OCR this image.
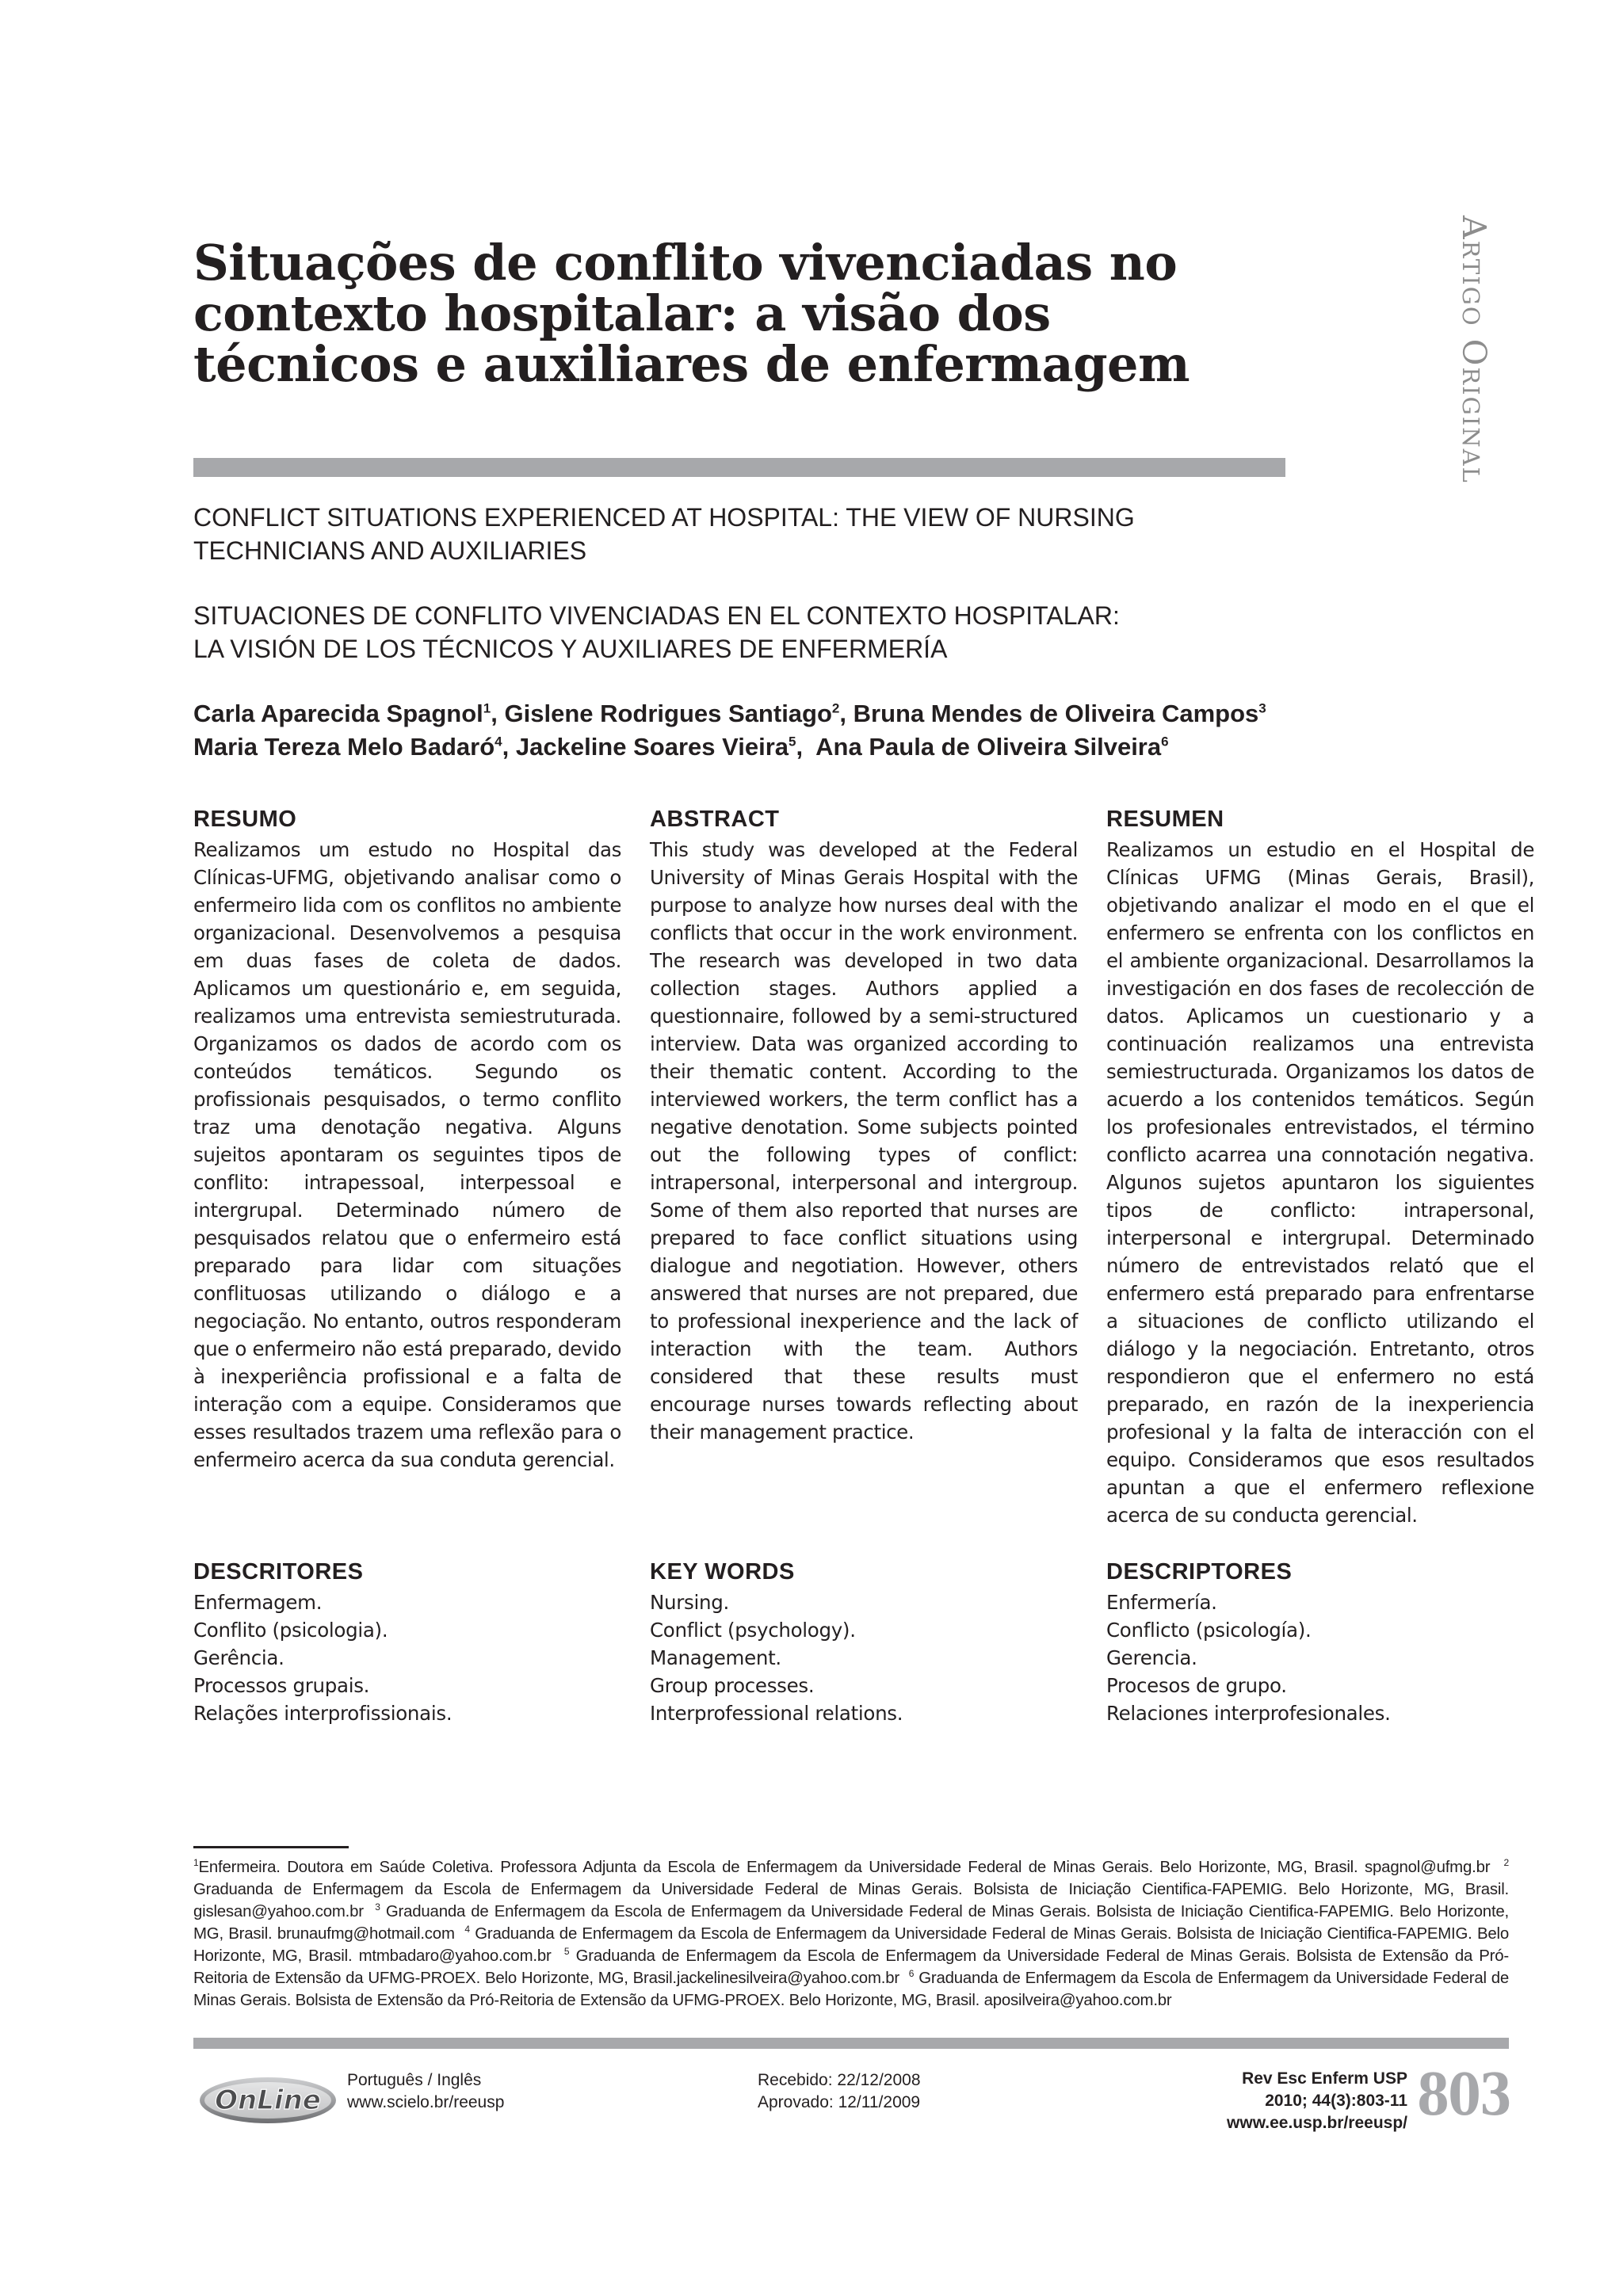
Artigo Original
Situações de conflito vivenciadas no
contexto hospitalar: a visão dos
técnicos e auxiliares de enfermagem
CONFLICT SITUATIONS EXPERIENCED AT HOSPITAL: THE VIEW OF NURSING
TECHNICIANS AND AUXILIARIES
SITUACIONES DE CONFLITO VIVENCIADAS EN EL CONTEXTO HOSPITALAR:
LA VISIÓN DE LOS TÉCNICOS Y AUXILIARES DE ENFERMERÍA
Carla Aparecida Spagnol$^1$, Gislene Rodrigues Santiago$^2$, Bruna Mendes de Oliveira Campos$^3$
Maria Tereza Melo Badaró$^4$, Jackeline Soares Vieira$^5$,  Ana Paula de Oliveira Silveira$^6$
RESUMO

Realizamos um estudo no Hospital das Clínicas-UFMG, objetivando analisar como o enfermeiro lida com os conflitos no ambiente organizacional. Desenvolvemos a pesquisa em duas fases de coleta de dados. Aplicamos um questionário e, em seguida, realizamos uma entrevista semiestruturada. Organizamos os dados de acordo com os conteúdos temáticos. Segundo os profissionais pesquisados, o termo conflito traz uma denotação negativa. Alguns sujeitos apontaram os seguintes tipos de conflito: intrapessoal, interpessoal e intergrupal. Determinado número de pesquisados relatou que o enfermeiro está preparado para lidar com situações conflituosas utilizando o diálogo e a negociação. No entanto, outros responderam que o enfermeiro não está preparado, devido à inexperiência profissional e a falta de interação com a equipe. Consideramos que esses resultados trazem uma reflexão para o enfermeiro acerca da sua conduta gerencial.

ABSTRACT

This study was developed at the Federal University of Minas Gerais Hospital with the purpose to analyze how nurses deal with the conflicts that occur in the work environment. The research was developed in two data collection stages. Authors applied a questionnaire, followed by a semi-structured interview. Data was organized according to their thematic content. According to the interviewed workers, the term conflict has a negative denotation. Some subjects pointed out the following types of conflict: intrapersonal, interpersonal and intergroup. Some of them also reported that nurses are prepared to face conflict situations using dialogue and negotiation. However, others answered that nurses are not prepared, due to professional inexperience and the lack of interaction with the team. Authors considered that these results must encourage nurses towards reflecting about their management practice.

RESUMEN

Realizamos un estudio en el Hospital de Clínicas UFMG (Minas Gerais, Brasil), objetivando analizar el modo en el que el enfermero se enfrenta con los conflictos en el ambiente organizacional. Desarrollamos la investigación en dos fases de recolección de datos. Aplicamos un cuestionario y a continuación realizamos una entrevista semiestructurada. Organizamos los datos de acuerdo a los contenidos temáticos. Según los profesionales entrevistados, el término conflicto acarrea una connotación negativa. Algunos sujetos apuntaron los siguientes tipos de conflicto: intrapersonal, interpersonal e intergrupal. Determinado número de entrevistados relató que el enfermero está preparado para enfrentarse a situaciones de conflicto utilizando el diálogo y la negociación. Entretanto, otros respondieron que el enfermero no está preparado, en razón de la inexperiencia profesional y la falta de interacción con el equipo. Consideramos que esos resultados apuntan a que el enfermero reflexione acerca de su conducta gerencial.

DESCRITORES
Enfermagem.
Conflito (psicologia).
Gerência.
Processos grupais.
Relações interprofissionais.
KEY WORDS
Nursing.
Conflict (psychology).
Management.
Group processes.
Interprofessional relations.
DESCRIPTORES
Enfermería.
Conflicto (psicología).
Gerencia.
Procesos de grupo.
Relaciones interprofesionales.
$^1$Enfermeira. Doutora em Saúde Coletiva. Professora Adjunta da Escola de Enfermagem da Universidade Federal de Minas Gerais. Belo Horizonte, MG, Brasil. spagnol@ufmg.br $^2$ Graduanda de Enfermagem da Escola de Enfermagem da Universidade Federal de Minas Gerais. Bolsista de Iniciação Cientifica-FAPEMIG. Belo Horizonte, MG, Brasil. gislesan@yahoo.com.br $^3$ Graduanda de Enfermagem da Escola de Enfermagem da Universidade Federal de Minas Gerais. Bolsista de Iniciação Cientifica-FAPEMIG. Belo Horizonte, MG, Brasil. brunaufmg@hotmail.com $^4$ Graduanda de Enfermagem da Escola de Enfermagem da Universidade Federal de Minas Gerais. Bolsista de Iniciação Cientifica-FAPEMIG. Belo Horizonte, MG, Brasil. mtmbadaro@yahoo.com.br $^5$ Graduanda de Enfermagem da Escola de Enfermagem da Universidade Federal de Minas Gerais. Bolsista de Extensão da Pró-Reitoria de Extensão da UFMG-PROEX. Belo Horizonte, MG, Brasil.jackelinesilveira@yahoo.com.br $^6$ Graduanda de Enfermagem da Escola de Enfermagem da Universidade Federal de Minas Gerais. Bolsista de Extensão da Pró-Reitoria de Extensão da UFMG-PROEX. Belo Horizonte, MG, Brasil. aposilveira@yahoo.com.br
OnLine
Português / Inglês
www.scielo.br/reeusp
Recebido: 22/12/2008
Aprovado: 12/11/2009
Rev Esc Enferm USP
2010; 44(3):803-11
www.ee.usp.br/reeusp/ 803
